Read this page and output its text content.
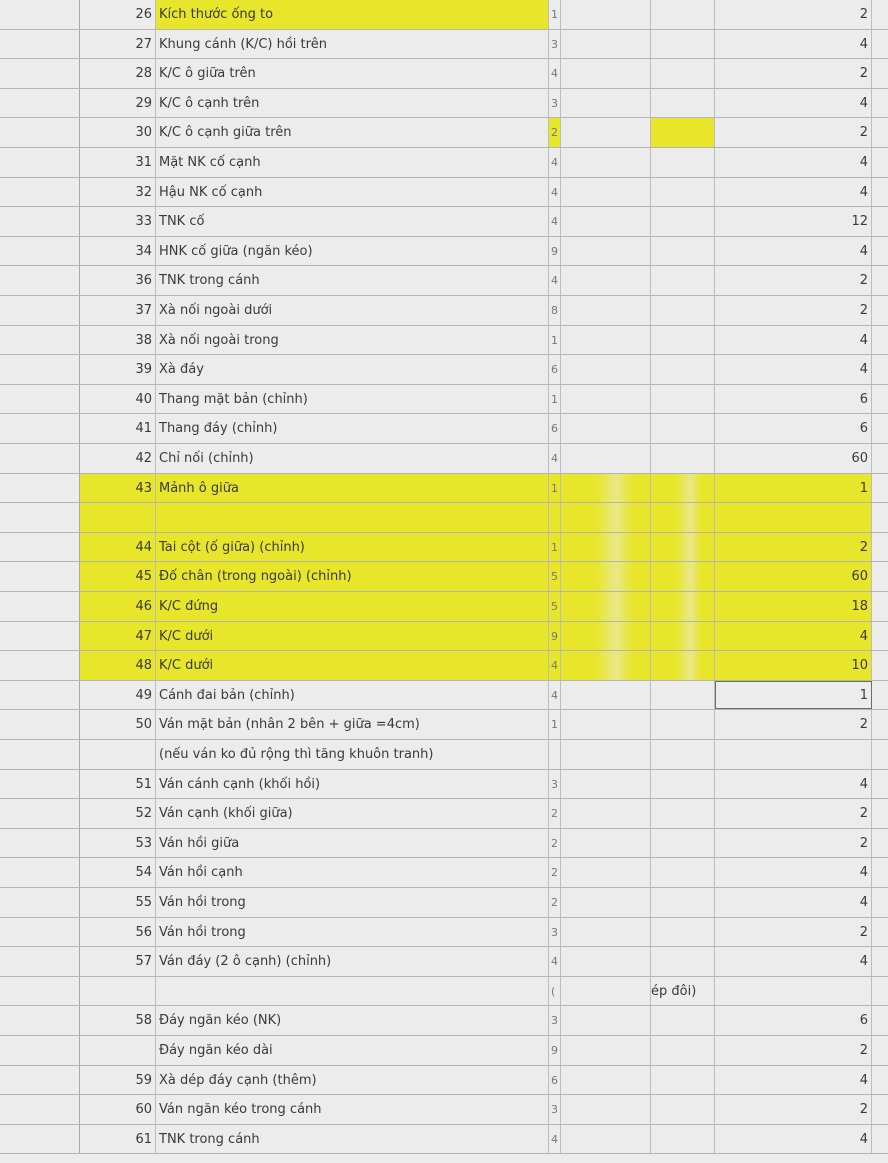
26 Kích thước ống to	1	2
27 Khung cánh (K/C) hồi trên	3	4
28 K/C ô giữa trên	4	2
29 K/C ô cạnh trên	3	4
30 K/C ô cạnh giữa trên	2	2
31 Mặt NK cố cạnh	4	4
32 Hậu NK cố cạnh	4	4
33 TNK cố	4	12
34 HNK cố giữa (ngăn kéo)	9	4
36 TNK trong cánh	4	2
37 Xà nối ngoài dưới	8	2
38 Xà nối ngoài trong	1	4
39 Xà đáy	6	4
40 Thang mặt bản (chỉnh)	1	6
41 Thang đáy (chỉnh)	6	6
42 Chỉ nối (chỉnh)	4	60
43 Mảnh ô giữa	1	1
44 Tai cột (ố giữa) (chỉnh)	1	2
45 Đố chân (trong ngoài) (chỉnh)	5	60
46 K/C đứng	5	18
47 K/C dưới	9	4
48 K/C dưới	4	10
49 Cánh đai bản (chỉnh)	4	1
50 Ván mặt bản (nhân 2 bên + giữa =4cm)	1	2
(nếu ván ko đủ rộng thì tăng khuôn tranh)
51 Ván cánh cạnh (khối hồi)	3	4
52 Ván cạnh (khối giữa)	2	2
53 Ván hồi giữa	2	2
54 Ván hồi cạnh	2	4
55 Ván hồi trong	2	4
56 Ván hồi trong	3	2
57 Ván đáy (2 ô cạnh) (chỉnh)	4	4
(	ép đôi)
58 Đáy ngăn kéo (NK)	3	6
Đáy ngăn kéo dài	9	2
59 Xà dép đáy cạnh (thêm)	6	4
60 Ván ngăn kéo trong cánh	3	2
61 TNK trong cánh	4	4
